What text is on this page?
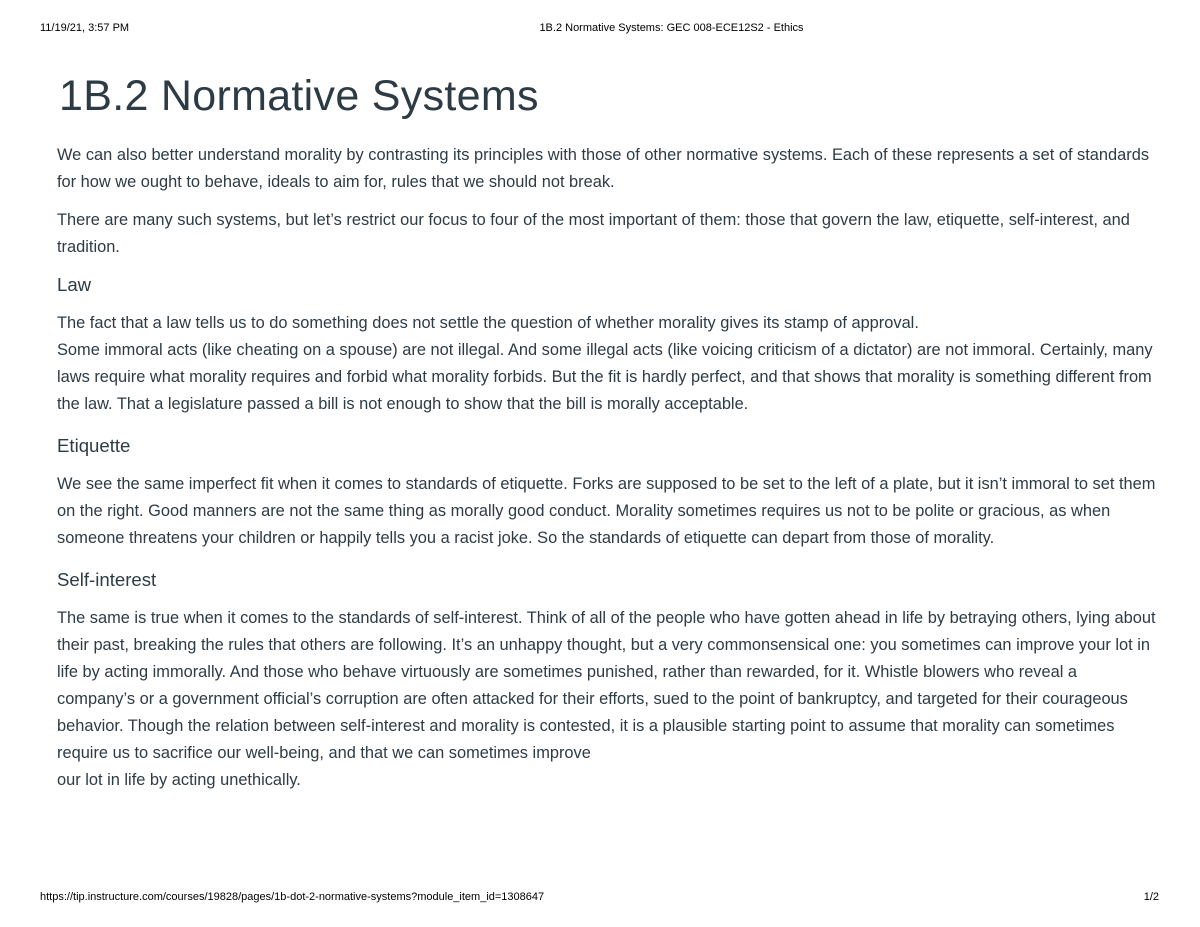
11/19/21, 3:57 PM	1B.2 Normative Systems: GEC 008-ECE12S2 - Ethics
1B.2 Normative Systems

We can also better understand morality by contrasting its principles with those of other normative systems. Each of these represents a set of standards for how we ought to behave, ideals to aim for, rules that we should not break.

There are many such systems, but let’s restrict our focus to four of the most important of them: those that govern the law, etiquette, self-interest, and tradition.

Law

The fact that a law tells us to do something does not settle the question of whether morality gives its stamp of approval.
Some immoral acts (like cheating on a spouse) are not illegal. And some illegal acts (like voicing criticism of a dictator) are not immoral. Certainly, many laws require what morality requires and forbid what morality forbids. But the fit is hardly perfect, and that shows that morality is something different from the law. That a legislature passed a bill is not enough to show that the bill is morally acceptable.

Etiquette

We see the same imperfect fit when it comes to standards of etiquette. Forks are supposed to be set to the left of a plate, but it isn’t immoral to set them on the right. Good manners are not the same thing as morally good conduct. Morality sometimes requires us not to be polite or gracious, as when someone threatens your children or happily tells you a racist joke. So the standards of etiquette can depart from those of morality.

Self-interest

The same is true when it comes to the standards of self-interest. Think of all of the people who have gotten ahead in life by betraying others, lying about their past, breaking the rules that others are following. It’s an unhappy thought, but a very commonsensical one: you sometimes can improve your lot in life by acting immorally. And those who behave virtuously are sometimes punished, rather than rewarded, for it. Whistle blowers who reveal a company’s or a government official’s corruption are often attacked for their efforts, sued to the point of bankruptcy, and targeted for their courageous behavior. Though the relation between self-interest and morality is contested, it is a plausible starting point to assume that morality can sometimes require us to sacrifice our well-being, and that we can sometimes improve
our lot in life by acting unethically.

https://tip.instructure.com/courses/19828/pages/1b-dot-2-normative-systems?module_item_id=1308647	1/2
